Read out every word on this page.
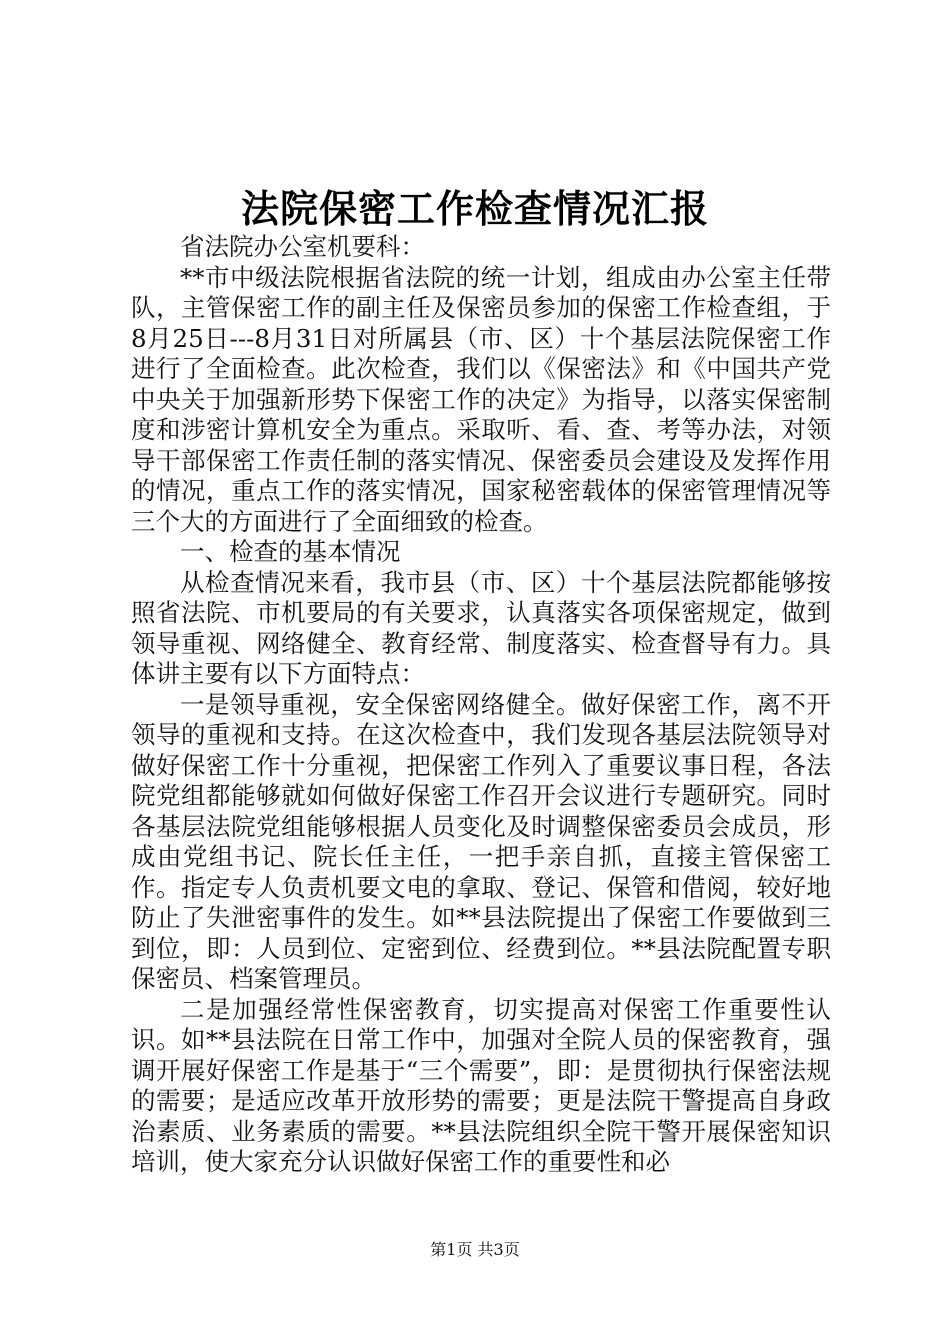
法院保密工作检查情况汇报

省法院办公室机要科：

**市中级法院根据省法院的统一计划，组成由办公室主任带队，主管保密工作的副主任及保密员参加的保密工作检查组，于8月25日---8月31日对所属县（市、区）十个基层法院保密工作进行了全面检查。此次检查，我们以《保密法》和《中国共产党中央关于加强新形势下保密工作的决定》为指导，以落实保密制度和涉密计算机安全为重点。采取听、看、查、考等办法，对领导干部保密工作责任制的落实情况、保密委员会建设及发挥作用的情况，重点工作的落实情况，国家秘密载体的保密管理情况等三个大的方面进行了全面细致的检查。

一、检查的基本情况

从检查情况来看，我市县（市、区）十个基层法院都能够按照省法院、市机要局的有关要求，认真落实各项保密规定，做到领导重视、网络健全、教育经常、制度落实、检查督导有力。具体讲主要有以下方面特点：

一是领导重视，安全保密网络健全。做好保密工作，离不开领导的重视和支持。在这次检查中，我们发现各基层法院领导对做好保密工作十分重视，把保密工作列入了重要议事日程，各法院党组都能够就如何做好保密工作召开会议进行专题研究。同时各基层法院党组能够根据人员变化及时调整保密委员会成员，形成由党组书记、院长任主任，一把手亲自抓，直接主管保密工作。指定专人负责机要文电的拿取、登记、保管和借阅，较好地防止了失泄密事件的发生。如**县法院提出了保密工作要做到三到位，即：人员到位、定密到位、经费到位。**县法院配置专职保密员、档案管理员。

二是加强经常性保密教育，切实提高对保密工作重要性认识。如**县法院在日常工作中，加强对全院人员的保密教育，强调开展好保密工作是基于“三个需要”，即：是贯彻执行保密法规的需要；是适应改革开放形势的需要；更是法院干警提高自身政治素质、业务素质的需要。**县法院组织全院干警开展保密知识培训，使大家充分认识做好保密工作的重要性和必

第1页 共3页
